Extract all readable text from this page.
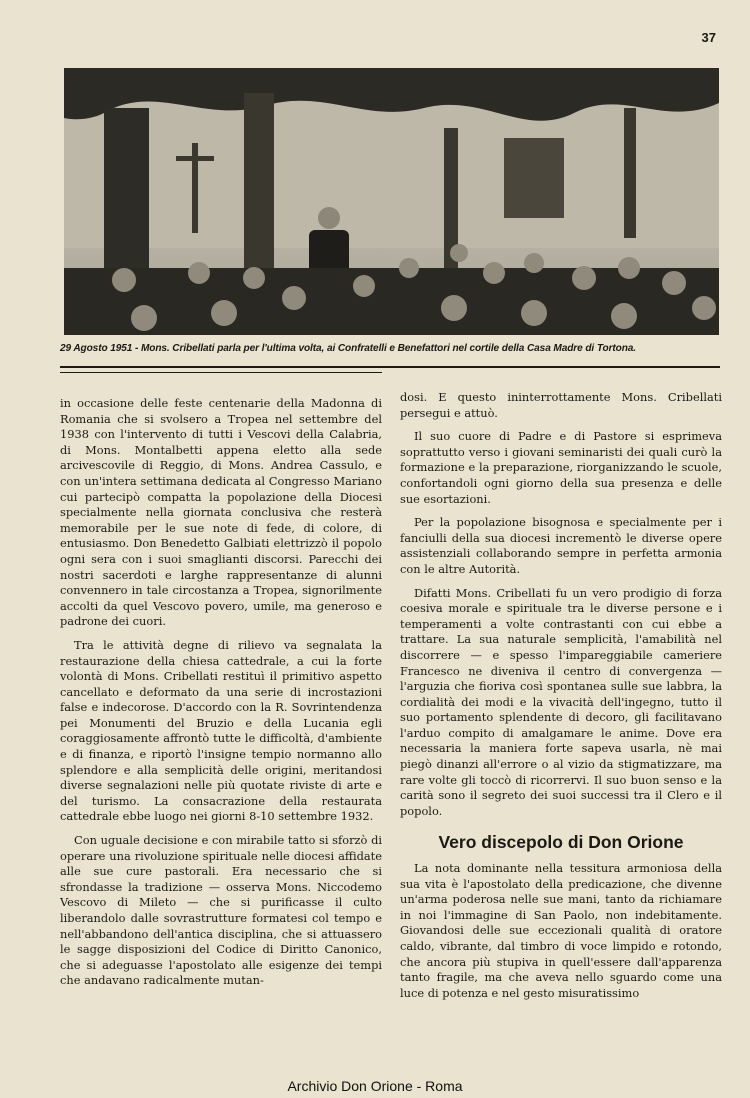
37
29 Agosto 1951 - Mons. Cribellati parla per l'ultima volta, ai Confratelli e Benefattori nel cortile della Casa Madre di Tortona.

in occasione delle feste centenarie della Madonna di Romania che si svolsero a Tropea nel settembre del 1938 con l'intervento di tutti i Vescovi della Calabria, di Mons. Montalbetti appena eletto alla sede arcivescovile di Reggio, di Mons. Andrea Cassulo, e con un'intera settimana dedicata al Congresso Mariano cui partecipò compatta la popolazione della Diocesi specialmente nella giornata conclusiva che resterà memorabile per le sue note di fede, di colore, di entusiasmo. Don Benedetto Galbiati elettrizzò il popolo ogni sera con i suoi smaglianti discorsi. Parecchi dei nostri sacerdoti e larghe rappresentanze di alunni convennero in tale circostanza a Tropea, signorilmente accolti da quel Vescovo povero, umile, ma generoso e padrone dei cuori.

Tra le attività degne di rilievo va segnalata la restaurazione della chiesa cattedrale, a cui la forte volontà di Mons. Cribellati restituì il primitivo aspetto cancellato e deformato da una serie di incrostazioni false e indecorose. D'accordo con la R. Sovrintendenza pei Monumenti del Bruzio e della Lucania egli coraggiosamente affrontò tutte le difficoltà, d'ambiente e di finanza, e riportò l'insigne tempio normanno allo splendore e alla semplicità delle origini, meritandosi diverse segnalazioni nelle più quotate riviste di arte e del turismo. La consacrazione della restaurata cattedrale ebbe luogo nei giorni 8-10 settembre 1932.

Con uguale decisione e con mirabile tatto si sforzò di operare una rivoluzione spirituale nelle diocesi affidate alle sue cure pastorali. Era necessario che si sfrondasse la tradizione — osserva Mons. Niccodemo Vescovo di Mileto — che si purificasse il culto liberandolo dalle sovrastrutture formatesi col tempo e nell'abbandono dell'antica disciplina, che si attuassero le sagge disposizioni del Codice di Diritto Canonico, che si adeguasse l'apostolato alle esigenze dei tempi che andavano radicalmente mutan-

dosi. E questo ininterrottamente Mons. Cribellati persegui e attuò.

Il suo cuore di Padre e di Pastore si esprimeva soprattutto verso i giovani seminaristi dei quali curò la formazione e la preparazione, riorganizzando le scuole, confortandoli ogni giorno della sua presenza e delle sue esortazioni.

Per la popolazione bisognosa e specialmente per i fanciulli della sua diocesi incrementò le diverse opere assistenziali collaborando sempre in perfetta armonia con le altre Autorità.

Difatti Mons. Cribellati fu un vero prodigio di forza coesiva morale e spirituale tra le diverse persone e i temperamenti a volte contrastanti con cui ebbe a trattare. La sua naturale semplicità, l'amabilità nel discorrere — e spesso l'impareggiabile cameriere Francesco ne diveniva il centro di convergenza — l'arguzia che fioriva così spontanea sulle sue labbra, la cordialità dei modi e la vivacità dell'ingegno, tutto il suo portamento splendente di decoro, gli facilitavano l'arduo compito di amalgamare le anime. Dove era necessaria la maniera forte sapeva usarla, nè mai piegò dinanzi all'errore o al vizio da stigmatizzare, ma rare volte gli toccò di ricorrervi. Il suo buon senso e la carità sono il segreto dei suoi successi tra il Clero e il popolo.

Vero discepolo di Don Orione

La nota dominante nella tessitura armoniosa della sua vita è l'apostolato della predicazione, che divenne un'arma poderosa nelle sue mani, tanto da richiamare in noi l'immagine di San Paolo, non indebitamente. Giovandosi delle sue eccezionali qualità di oratore caldo, vibrante, dal timbro di voce limpido e rotondo, che ancora più stupiva in quell'essere dall'apparenza tanto fragile, ma che aveva nello sguardo come una luce di potenza e nel gesto misuratissimo

Archivio Don Orione - Roma
